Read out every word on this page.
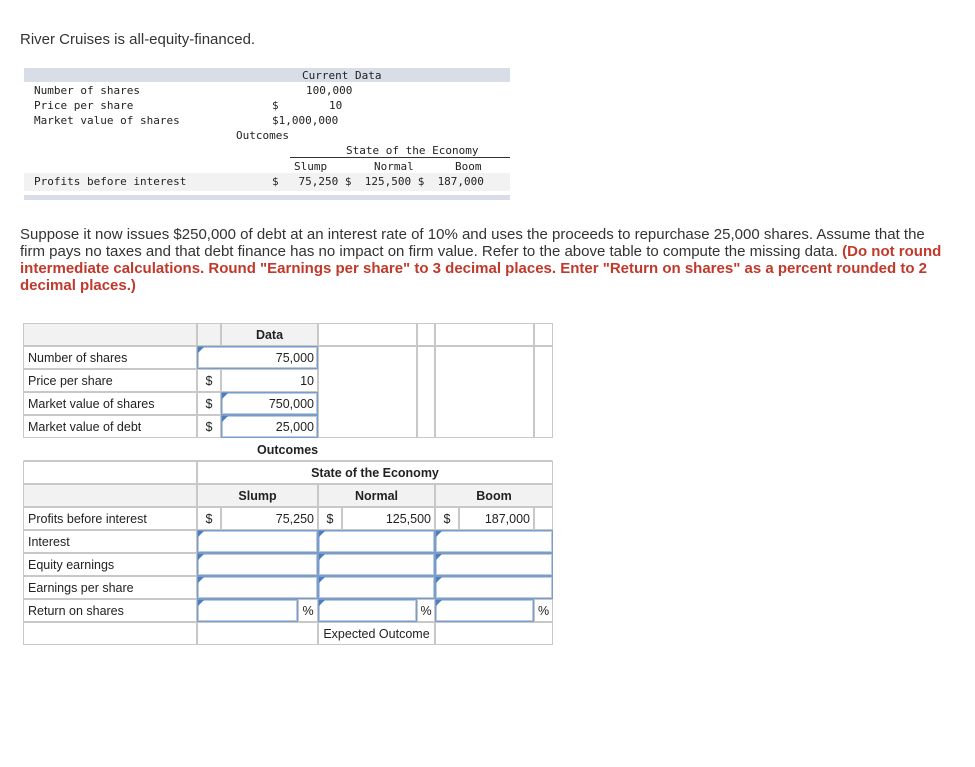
River Cruises is all-equity-financed.
Current Data
Number of shares	100,000
Price per share	$	10
Market value of shares	$1,000,000
Outcomes
State of the Economy
Slump	Normal	Boom
Profits before interest	$   75,250 $  125,500 $  187,000
Suppose it now issues $250,000 of debt at an interest rate of 10% and uses the proceeds to repurchase 25,000 shares. Assume that the firm pays no taxes and that debt finance has no impact on firm value. Refer to the above table to compute the missing data. (Do not round intermediate calculations. Round "Earnings per share" to 3 decimal places. Enter "Return on shares" as a percent rounded to 2 decimal places.)
Data
Number of shares	75,000
Price per share	$	10
Market value of shares	$	750,000
Market value of debt	$	25,000
Outcomes
State of the Economy
Slump	Normal	Boom
Profits before interest	$	75,250	$	125,500	$	187,000
Interest
Equity earnings
Earnings per share
Return on shares	%	%	%
Expected Outcome
